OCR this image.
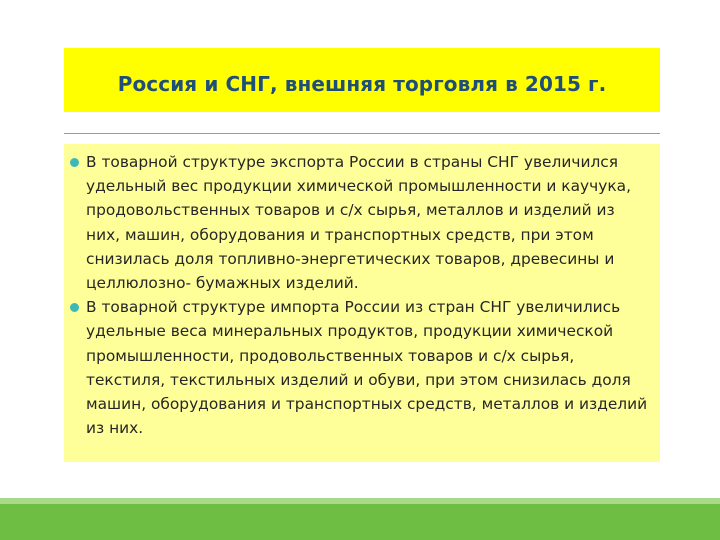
Россия и СНГ, внешняя торговля в 2015 г.
В товарной структуре экспорта России в страны СНГ увеличился удельный вес продукции химической промышленности и каучука, продовольственных товаров и с/х сырья, металлов и изделий из них, машин, оборудования и транспортных средств, при этом снизилась доля топливно-энергетических товаров, древесины и целлюлозно- бумажных изделий.
В товарной структуре импорта России из стран СНГ увеличились удельные веса минеральных продуктов, продукции химической промышленности, продовольственных товаров и с/х сырья, текстиля, текстильных изделий и обуви, при этом снизилась доля машин, оборудования и транспортных средств, металлов и изделий из них.
